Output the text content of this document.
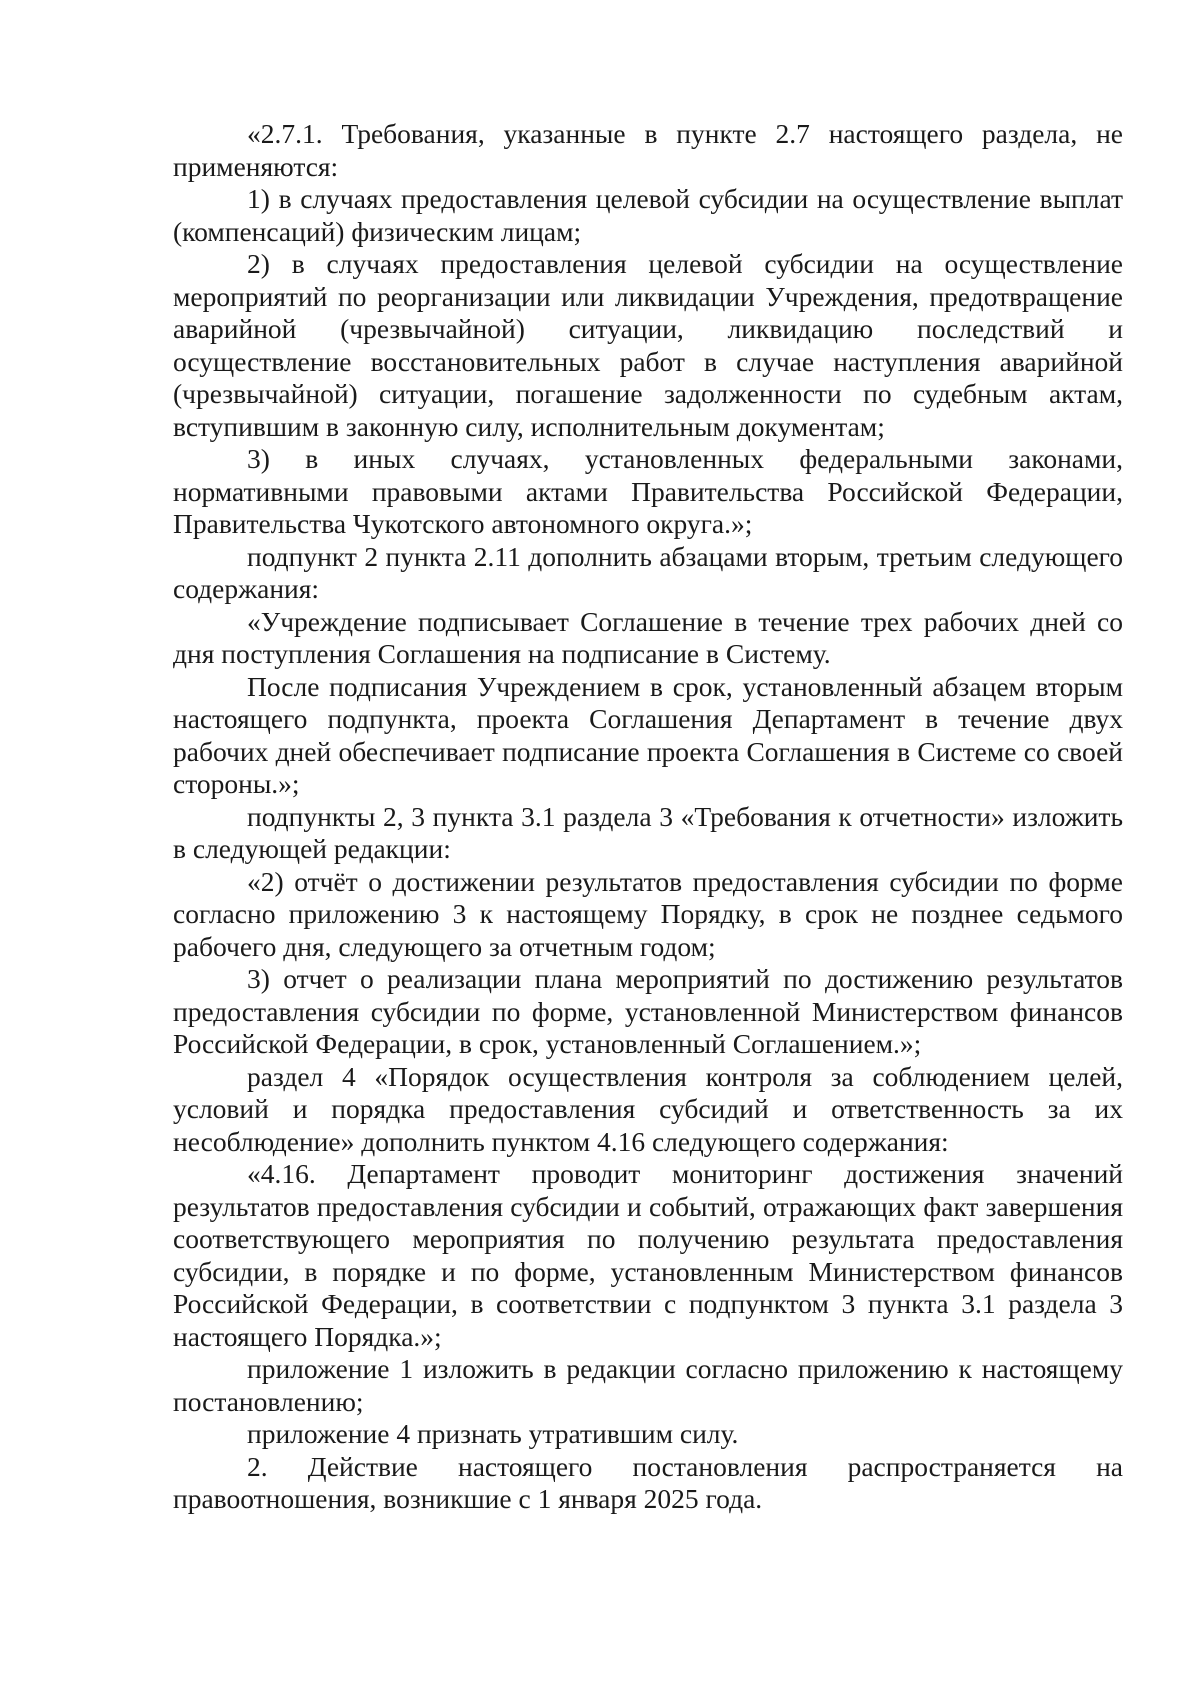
«2.7.1. Требования, указанные в пункте 2.7 настоящего раздела, не применяются:

1) в случаях предоставления целевой субсидии на осуществление выплат (компенсаций) физическим лицам;

2) в случаях предоставления целевой субсидии на осуществление мероприятий по реорганизации или ликвидации Учреждения, предотвращение аварийной (чрезвычайной) ситуации, ликвидацию последствий и осуществление восстановительных работ в случае наступления аварийной (чрезвычайной) ситуации, погашение задолженности по судебным актам, вступившим в законную силу, исполнительным документам;

3) в иных случаях, установленных федеральными законами, нормативными правовыми актами Правительства Российской Федерации, Правительства Чукотского автономного округа.»;

подпункт 2 пункта 2.11 дополнить абзацами вторым, третьим следующего содержания:

«Учреждение подписывает Соглашение в течение трех рабочих дней со дня поступления Соглашения на подписание в Систему.

После подписания Учреждением в срок, установленный абзацем вторым настоящего подпункта, проекта Соглашения Департамент в течение двух рабочих дней обеспечивает подписание проекта Соглашения в Системе со своей стороны.»;

подпункты 2, 3 пункта 3.1 раздела 3 «Требования к отчетности» изложить в следующей редакции:

«2) отчёт о достижении результатов предоставления субсидии по форме согласно приложению 3 к настоящему Порядку, в срок не позднее седьмого рабочего дня, следующего за отчетным годом;

3) отчет о реализации плана мероприятий по достижению результатов предоставления субсидии по форме, установленной Министерством финансов Российской Федерации, в срок, установленный Соглашением.»;

раздел 4 «Порядок осуществления контроля за соблюдением целей, условий и порядка предоставления субсидий и ответственность за их несоблюдение» дополнить пунктом 4.16 следующего содержания:

«4.16. Департамент проводит мониторинг достижения значений результатов предоставления субсидии и событий, отражающих факт завершения соответствующего мероприятия по получению результата предоставления субсидии, в порядке и по форме, установленным Министерством финансов Российской Федерации, в соответствии с подпунктом 3 пункта 3.1 раздела 3 настоящего Порядка.»;

приложение 1 изложить в редакции согласно приложению к настоящему постановлению;

приложение 4 признать утратившим силу.

2. Действие настоящего постановления распространяется на правоотношения, возникшие с 1 января 2025 года.
